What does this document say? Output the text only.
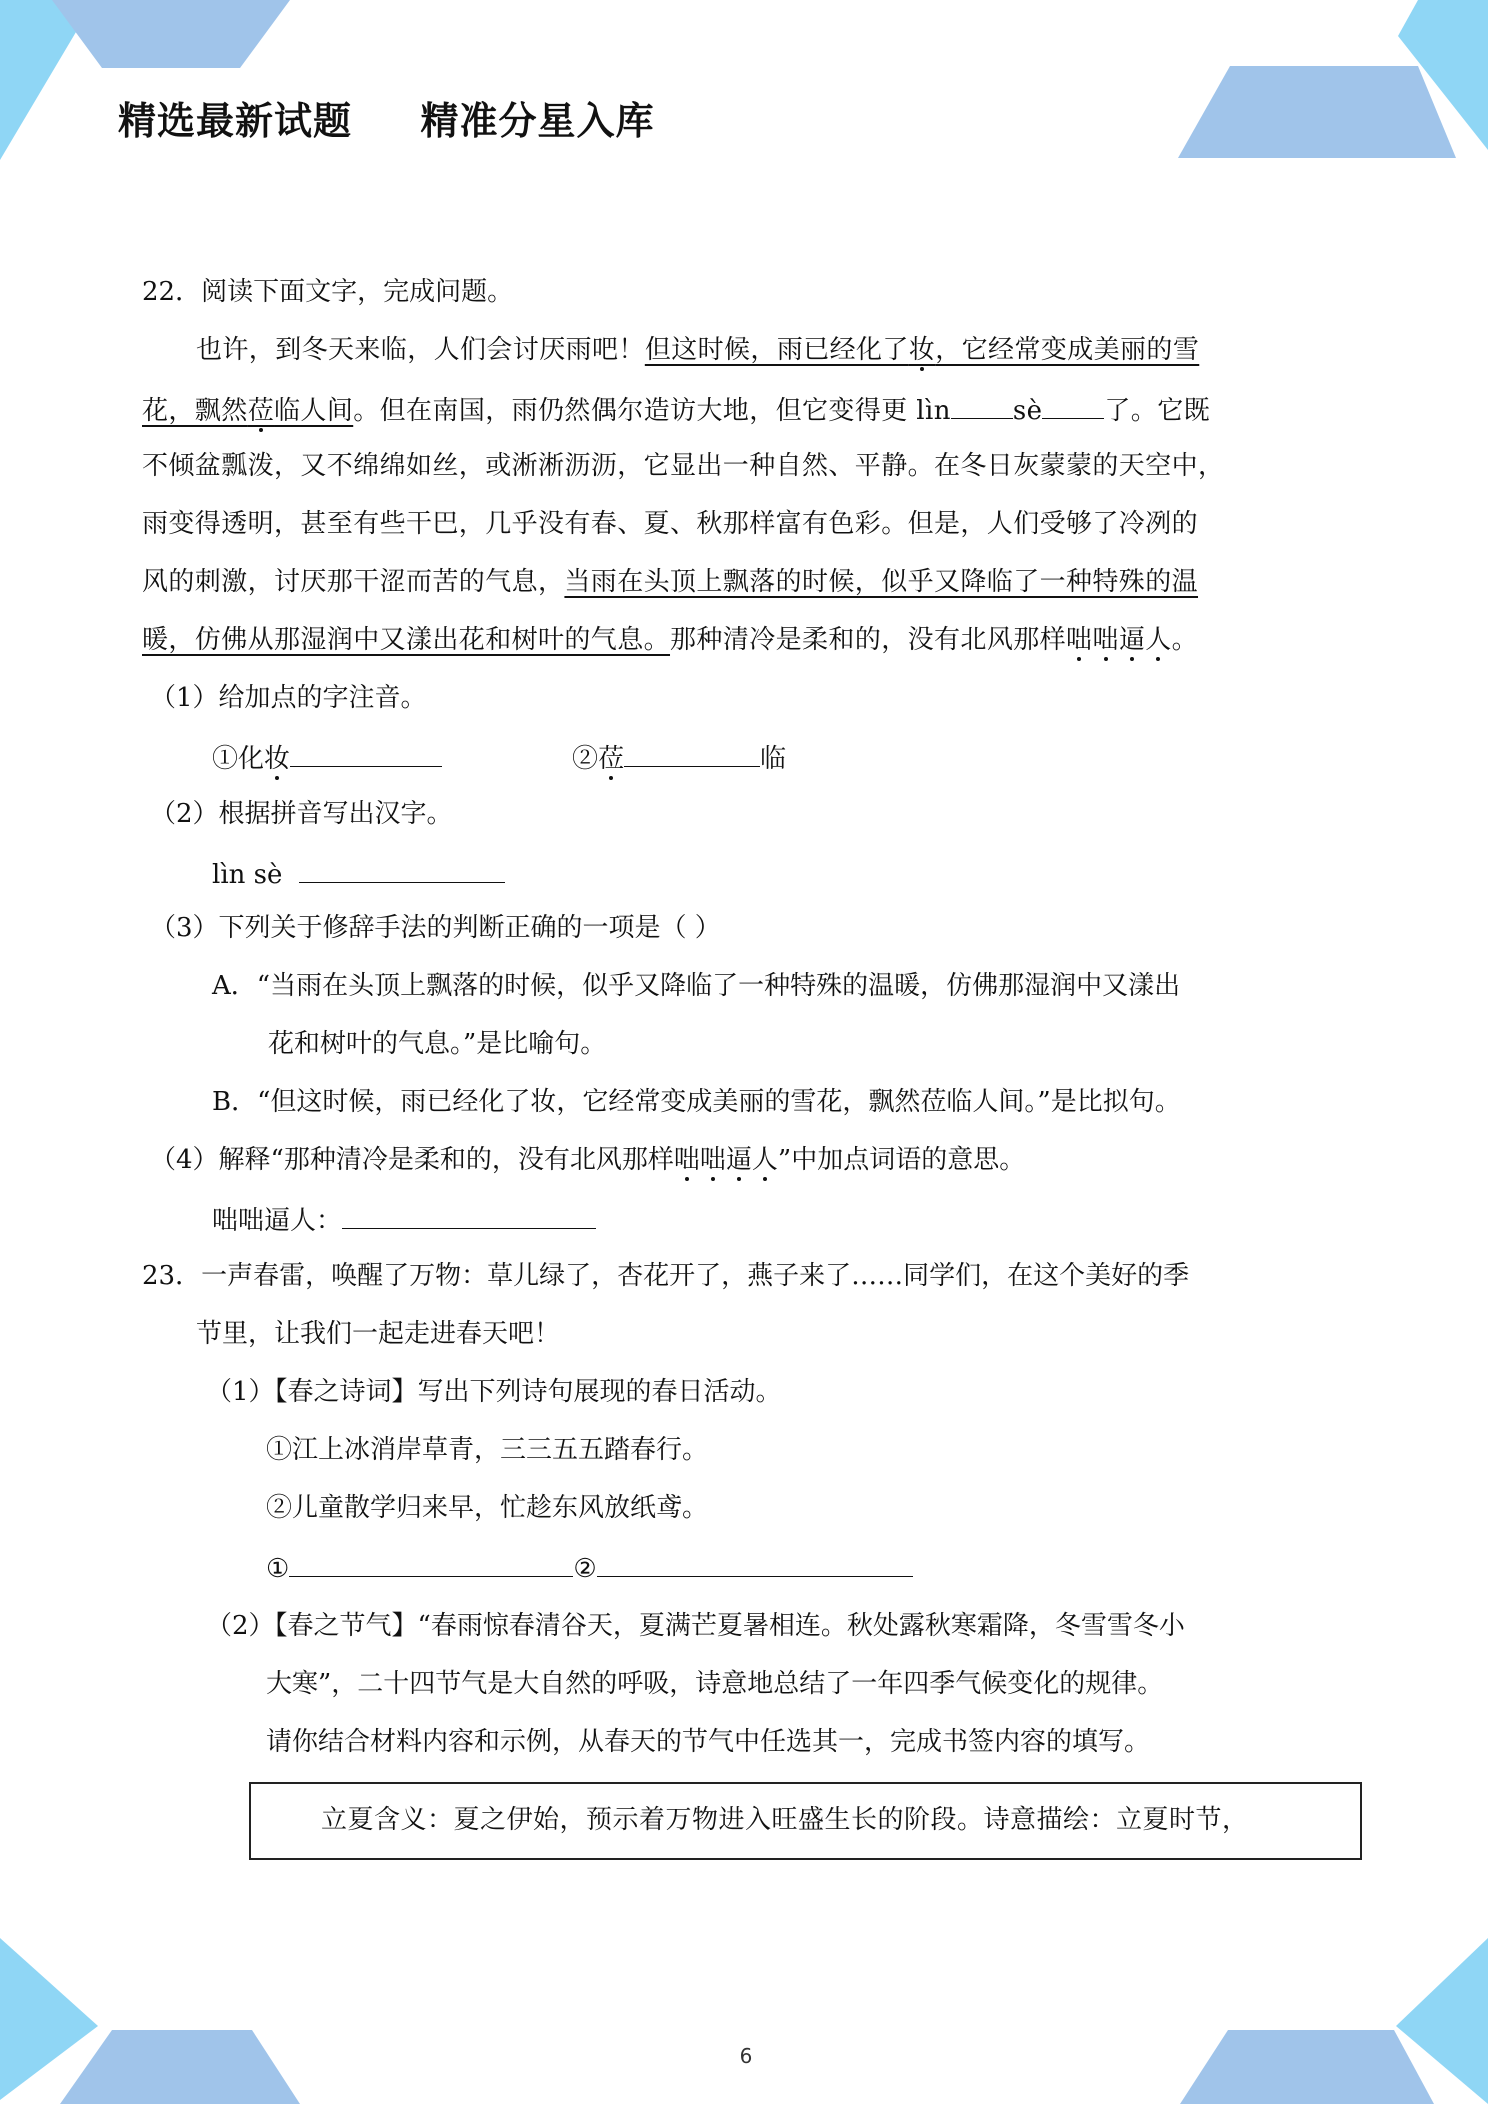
精选最新试题 精准分星入库
22．阅读下面文字，完成问题。
也许，到冬天来临，人们会讨厌雨吧！但这时候，雨已经化了妆，它经常变成美丽的雪
花，飘然莅临人间。但在南国，雨仍然偶尔造访大地，但它变得更 lìn sè 了。它既
不倾盆瓢泼，又不绵绵如丝，或淅淅沥沥，它显出一种自然、平静。在冬日灰蒙蒙的天空中，
雨变得透明，甚至有些干巴，几乎没有春、夏、秋那样富有色彩。但是，人们受够了冷冽的
风的刺激，讨厌那干涩而苦的气息，当雨在头顶上飘落的时候，似乎又降临了一种特殊的温
暖，仿佛从那湿润中又漾出花和树叶的气息。那种清冷是柔和的，没有北风那样咄咄逼人。
（1）给加点的字注音。
①化妆	②莅	临
（2）根据拼音写出汉字。
lìn sè
（3）下列关于修辞手法的判断正确的一项是（ ）
A．“当雨在头顶上飘落的时候，似乎又降临了一种特殊的温暖，仿佛那湿润中又漾出
花和树叶的气息。”是比喻句。
B．“但这时候，雨已经化了妆，它经常变成美丽的雪花，飘然莅临人间。”是比拟句。
（4）解释“那种清冷是柔和的，没有北风那样咄咄逼人”中加点词语的意思。
咄咄逼人：
23．一声春雷，唤醒了万物：草儿绿了，杏花开了，燕子来了……同学们，在这个美好的季
节里，让我们一起走进春天吧！
（1）【春之诗词】写出下列诗句展现的春日活动。
①江上冰消岸草青，三三五五踏春行。
②儿童散学归来早，忙趁东风放纸鸢。
①	②
（2）【春之节气】“春雨惊春清谷天，夏满芒夏暑相连。秋处露秋寒霜降，冬雪雪冬小
大寒”，二十四节气是大自然的呼吸，诗意地总结了一年四季气候变化的规律。
请你结合材料内容和示例，从春天的节气中任选其一，完成书签内容的填写。
立夏含义：夏之伊始，预示着万物进入旺盛生长的阶段。诗意描绘：立夏时节，
6
